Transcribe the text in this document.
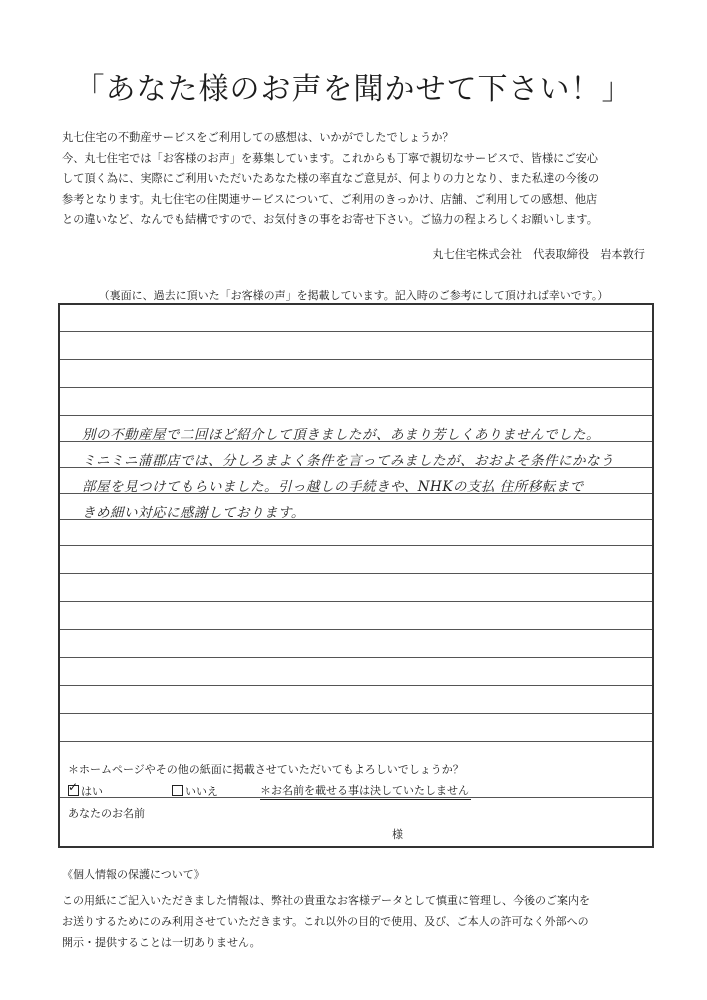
「あなた様のお声を聞かせて下さい！」

丸七住宅の不動産サービスをご利用しての感想は、いかがでしたでしょうか？

今、丸七住宅では「お客様のお声」を募集しています。これからも丁寧で親切なサービスで、皆様にご安心

して頂く為に、実際にご利用いただいたあなた様の率直なご意見が、何よりの力となり、また私達の今後の

参考となります。丸七住宅の住関連サービスについて、ご利用のきっかけ、店舗、ご利用しての感想、他店

との違いなど、なんでも結構ですので、お気付きの事をお寄せ下さい。ご協力の程よろしくお願いします。

丸七住宅株式会社　代表取締役　岩本敦行
（裏面に、過去に頂いた「お客様の声」を掲載しています。記入時のご参考にして頂ければ幸いです。）
別の不動産屋で二回ほど紹介して頂きましたが、あまり芳しくありませんでした。
ミニミニ蒲郡店では、分しろまよく条件を言ってみましたが、おおよそ条件にかなう
部屋を見つけてもらいました。引っ越しの手続きや、NHKの支払 住所移転まで
きめ細い対応に感謝しております。
＊ホームページやその他の紙面に掲載させていただいてもよろしいでしょうか？
✓ はい	いいえ	＊お名前を載せる事は決していたしません
あなたのお名前
様
《個人情報の保護について》

この用紙にご記入いただきました情報は、弊社の貴重なお客様データとして慎重に管理し、今後のご案内を

お送りするためにのみ利用させていただきます。これ以外の目的で使用、及び、ご本人の許可なく外部への

開示・提供することは一切ありません。
